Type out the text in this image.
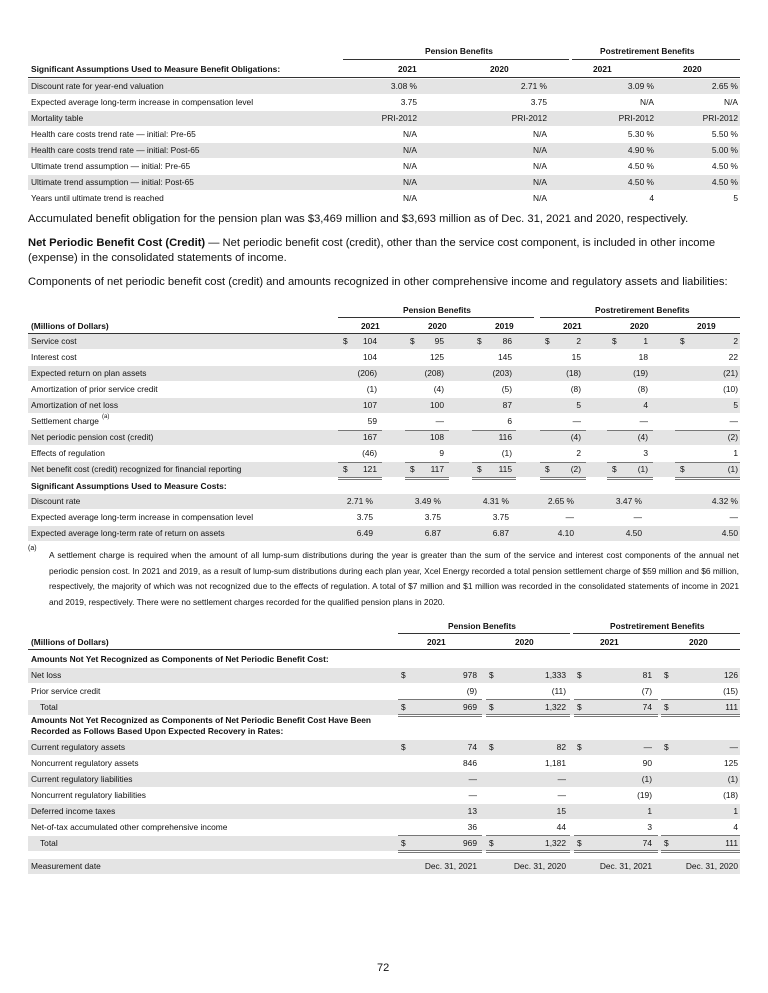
Pension Benefits	Postretirement Benefits
Significant Assumptions Used to Measure Benefit Obligations:	2021	2020	2021	2020
Discount rate for year-end valuation	3.08 %	2.71 %	3.09 %	2.65 %
Expected average long-term increase in compensation level	3.75	3.75	N/A	N/A
Mortality table	PRI-2012	PRI-2012	PRI-2012	PRI-2012
Health care costs trend rate — initial: Pre-65	N/A	N/A	5.30 %	5.50 %
Health care costs trend rate — initial: Post-65	N/A	N/A	4.90 %	5.00 %
Ultimate trend assumption — initial: Pre-65	N/A	N/A	4.50 %	4.50 %
Ultimate trend assumption — initial: Post-65	N/A	N/A	4.50 %	4.50 %
Years until ultimate trend is reached	N/A	N/A	4	5
Accumulated benefit obligation for the pension plan was $3,469 million and $3,693 million as of Dec. 31, 2021 and 2020, respectively.
Net Periodic Benefit Cost (Credit) — Net periodic benefit cost (credit), other than the service cost component, is included in other income (expense) in the consolidated statements of income.
Components of net periodic benefit cost (credit) and amounts recognized in other comprehensive income and regulatory assets and liabilities:
Pension Benefits	Postretirement Benefits
(Millions of Dollars)	2021	2020	2019	2021	2020	2019
Service cost	104	95	86	2	1	2
$	$	$	$	$	$
Interest cost	104	125	145	15	18	22
Expected return on plan assets	(206)	(208)	(203)	(18)	(19)	(21)
Amortization of prior service credit	(1)	(4)	(5)	(8)	(8)	(10)
Amortization of net loss	107	100	87	5	4	5
Settlement charge (a)	59	—	6	—	—	—
Net periodic pension cost (credit)	167	108	116	(4)	(4)	(2)
Effects of regulation	(46)	9	(1)	2	3	1
Net benefit cost (credit) recognized for financial reporting	121	117	115	(2)	(1)	(1)
$	$	$	$	$	$
Significant Assumptions Used to Measure Costs:
Discount rate	2.71 %	3.49 %	4.31 %	2.65 %	3.47 %	4.32 %
Expected average long-term increase in compensation level	3.75	3.75	3.75	—	—	—
Expected average long-term rate of return on assets	6.49	6.87	6.87	4.10	4.50	4.50
(a)
A settlement charge is required when the amount of all lump-sum distributions during the year is greater than the sum of the service and interest cost components of the annual net periodic pension cost. In 2021 and 2019, as a result of lump-sum distributions during each plan year, Xcel Energy recorded a total pension settlement charge of $59 million and $6 million, respectively, the majority of which was not recognized due to the effects of regulation. A total of $7 million and $1 million was recorded in the consolidated statements of income in 2021 and 2019, respectively. There were no settlement charges recorded for the qualified pension plans in 2020.
Pension Benefits	Postretirement Benefits
(Millions of Dollars)	2021	2020	2021	2020
Amounts Not Yet Recognized as Components of Net Periodic Benefit Cost:
Net loss	978	1,333	81	126
$	$	$	$
Prior service credit	(9)	(11)	(7)	(15)
Total	969	1,322	74	111
$	$	$	$
Amounts Not Yet Recognized as Components of Net Periodic Benefit Cost Have Been
Recorded as Follows Based Upon Expected Recovery in Rates:
Current regulatory assets	74	82	—	—
$	$	$	$
Noncurrent regulatory assets	846	1,181	90	125
Current regulatory liabilities	—	—	(1)	(1)
Noncurrent regulatory liabilities	—	—	(19)	(18)
Deferred income taxes	13	15	1	1
Net-of-tax accumulated other comprehensive income	36	44	3	4
Total	969	1,322	74	111
$	$	$	$
Measurement date	Dec. 31, 2021	Dec. 31, 2020	Dec. 31, 2021	Dec. 31, 2020
72
